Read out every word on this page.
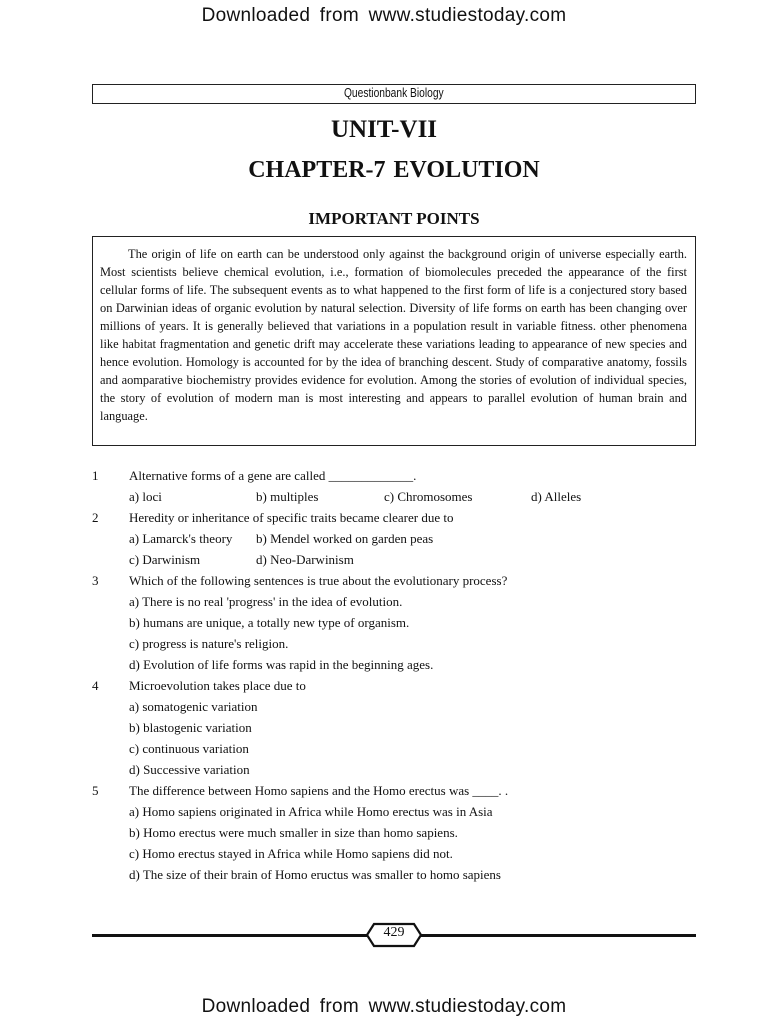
Downloaded from www.studiestoday.com
Questionbank Biology
UNIT-VII
CHAPTER-7 EVOLUTION
IMPORTANT POINTS

The origin of life on earth can be understood only against the background origin of universe especially earth. Most scientists believe chemical evolution, i.e., formation of biomolecules preceded the appearance of the first cellular forms of life. The subsequent events as to what happened to the first form of life is a conjectured story based on Darwinian ideas of organic evolution by natural selection. Diversity of life forms on earth has been changing over millions of years. It is generally believed that variations in a population result in variable fitness. other phenomena like habitat fragmentation and genetic drift may accelerate these variations leading to appearance of new species and hence evolution. Homology is accounted for by the idea of branching descent. Study of comparative anatomy, fossils and aomparative biochemistry provides evidence for evolution. Among the stories of evolution of individual species, the story of evolution of modern man is most interesting and appears to parallel evolution of human brain and language.

1 Alternative forms of a gene are called _____________.
a) loci	b) multiples	c) Chromosomes	d) Alleles
2 Heredity or inheritance of specific traits became clearer due to
a) Lamarck's theory b) Mendel worked on garden peas
c) Darwinism	d) Neo-Darwinism
3 Which of the following sentences is true about the evolutionary process?
a) There is no real 'progress' in the idea of evolution.
b) humans are unique, a totally new type of organism.
c) progress is nature's religion.
d) Evolution of life forms was rapid in the beginning ages.
4 Microevolution takes place due to
a) somatogenic variation
b) blastogenic variation
c) continuous variation
d) Successive variation
5 The difference between Homo sapiens and the Homo erectus was ____. .
a) Homo sapiens originated in Africa while Homo erectus was in Asia
b) Homo erectus were much smaller in size than homo sapiens.
c) Homo erectus stayed in Africa while Homo sapiens did not.
d) The size of their brain of Homo eructus was smaller to homo sapiens
429
Downloaded from www.studiestoday.com
